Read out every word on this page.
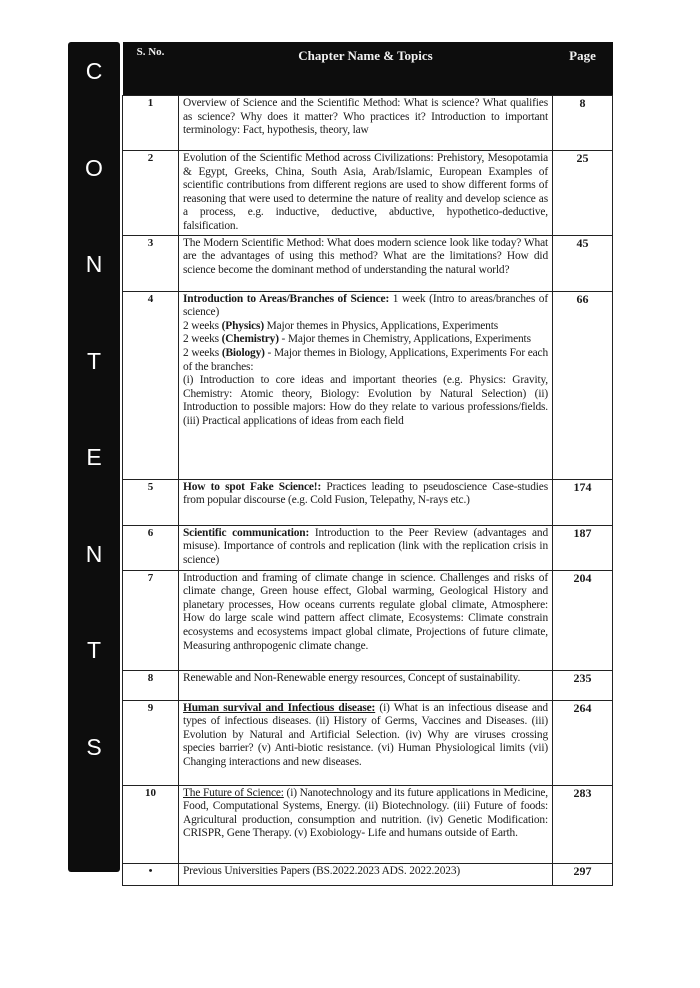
C
O
N
T
E
N
T
S
S. No.	Chapter Name & Topics	Page
1	Overview of Science and the Scientific Method: What is science? What qualifies as science? Why does it matter? Who practices it? Introduction to important terminology: Fact, hypothesis, theory, law	8
2	Evolution of the Scientific Method across Civilizations: Prehistory, Mesopotamia & Egypt, Greeks, China, South Asia, Arab/Islamic, European Examples of scientific contributions from different regions are used to show different forms of reasoning that were used to determine the nature of reality and develop science as a process, e.g. inductive, deductive, abductive, hypothetico-deductive, falsification.	25
3	The Modern Scientific Method: What does modern science look like today? What are the advantages of using this method? What are the limitations? How did science become the dominant method of understanding the natural world?	45
4	Introduction to Areas/Branches of Science: 1 week (Intro to areas/branches of science)
2 weeks (Physics) Major themes in Physics, Applications, Experiments
2 weeks (Chemistry) - Major themes in Chemistry, Applications, Experiments
2 weeks (Biology) - Major themes in Biology, Applications, Experiments For each of the branches:
(i) Introduction to core ideas and important theories (e.g. Physics: Gravity, Chemistry: Atomic theory, Biology: Evolution by Natural Selection) (ii) Introduction to possible majors: How do they relate to various professions/fields. (iii) Practical applications of ideas from each field	66
5	How to spot Fake Science!: Practices leading to pseudoscience Case-studies from popular discourse (e.g. Cold Fusion, Telepathy, N-rays etc.)	174
6	Scientific communication: Introduction to the Peer Review (advantages and misuse). Importance of controls and replication (link with the replication crisis in science)	187
7	Introduction and framing of climate change in science. Challenges and risks of climate change, Green house effect, Global warming, Geological History and planetary processes, How oceans currents regulate global climate, Atmosphere: How do large scale wind pattern affect climate, Ecosystems: Climate constrain ecosystems and ecosystems impact global climate, Projections of future climate, Measuring anthropogenic climate change.	204
8	Renewable and Non-Renewable energy resources, Concept of sustainability.	235
9	Human survival and Infectious disease: (i) What is an infectious disease and types of infectious diseases. (ii) History of Germs, Vaccines and Diseases. (iii) Evolution by Natural and Artificial Selection. (iv) Why are viruses crossing species barrier? (v) Anti-biotic resistance. (vi) Human Physiological limits (vii) Changing interactions and new diseases.	264
10	The Future of Science: (i) Nanotechnology and its future applications in Medicine, Food, Computational Systems, Energy. (ii) Biotechnology. (iii) Future of foods: Agricultural production, consumption and nutrition. (iv) Genetic Modification: CRISPR, Gene Therapy. (v) Exobiology- Life and humans outside of Earth.	283
•	Previous Universities Papers (BS.2022.2023 ADS. 2022.2023)	297
